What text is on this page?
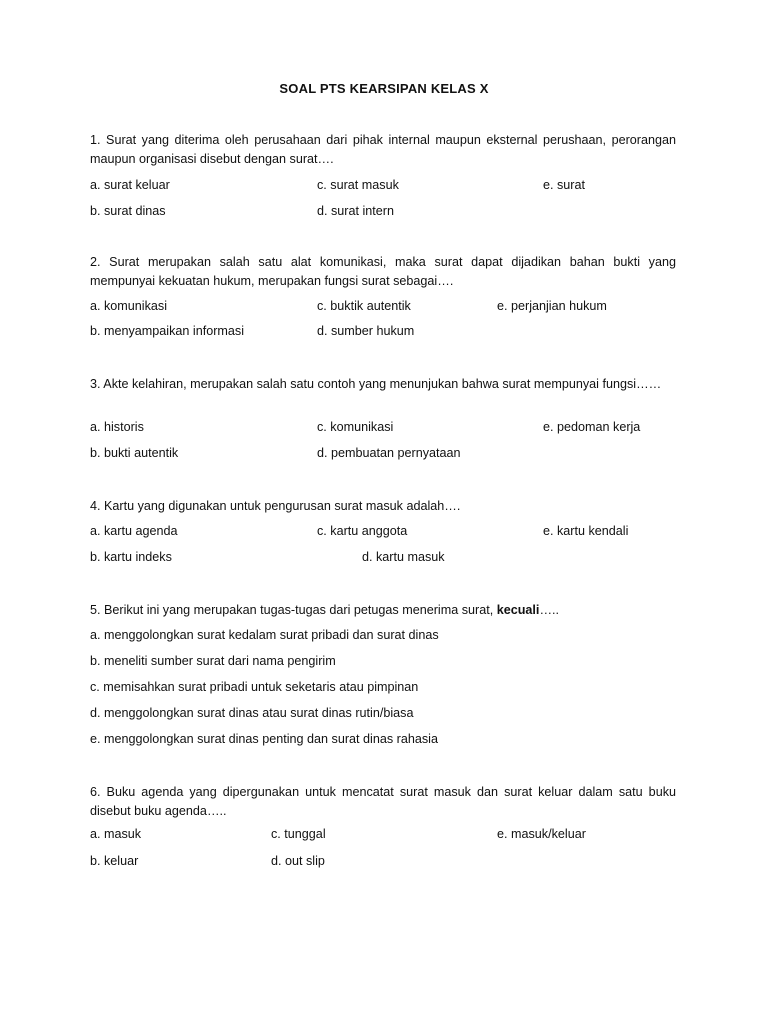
SOAL PTS KEARSIPAN KELAS X
1. Surat yang diterima oleh perusahaan dari pihak internal maupun eksternal perushaan, perorangan maupun organisasi disebut dengan surat….
a. surat keluar	c. surat masuk	e. surat
b. surat dinas	d. surat intern
2. Surat merupakan salah satu alat komunikasi, maka surat dapat dijadikan bahan bukti yang mempunyai kekuatan hukum, merupakan fungsi surat sebagai….
a. komunikasi	c. buktik autentik	e. perjanjian hukum
b. menyampaikan informasi	d. sumber hukum
3. Akte kelahiran, merupakan salah satu contoh yang menunjukan bahwa surat mempunyai fungsi……
a. historis	c. komunikasi	e. pedoman kerja
b. bukti autentik	d. pembuatan pernyataan
4. Kartu yang digunakan untuk pengurusan surat masuk adalah….
a. kartu agenda	c. kartu anggota	e. kartu kendali
b. kartu indeks	d. kartu masuk
5. Berikut ini yang merupakan tugas-tugas dari petugas menerima surat, kecuali…..
a. menggolongkan surat kedalam surat pribadi dan surat dinas
b. meneliti sumber surat dari nama pengirim
c. memisahkan surat pribadi untuk seketaris atau pimpinan
d. menggolongkan surat dinas atau surat dinas rutin/biasa
e. menggolongkan surat dinas penting dan surat dinas rahasia
6. Buku agenda yang dipergunakan untuk mencatat surat masuk dan surat keluar dalam satu buku disebut buku agenda…..
a. masuk	c. tunggal	e. masuk/keluar
b. keluar	d. out slip
